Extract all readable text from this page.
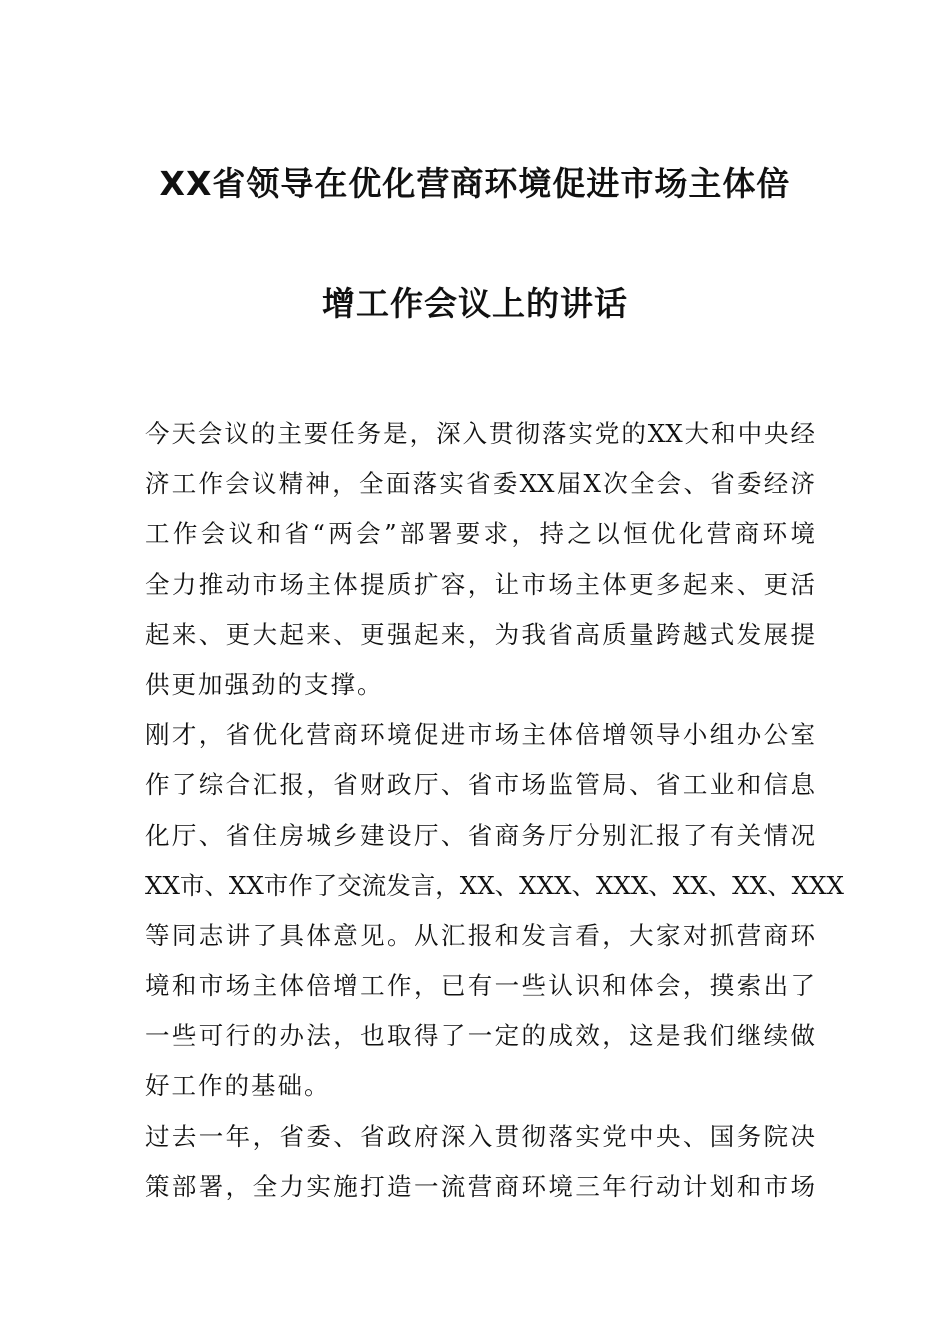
XX省领导在优化营商环境促进市场主体倍
增工作会议上的讲话
今天会议的主要任务是，深入贯彻落实党的XX大和中央经
济工作会议精神，全面落实省委XX届X次全会、省委经济
工作会议和省“两会”部署要求，持之以恒优化营商环境
全力推动市场主体提质扩容，让市场主体更多起来、更活
起来、更大起来、更强起来，为我省高质量跨越式发展提
供更加强劲的支撑。
刚才，省优化营商环境促进市场主体倍增领导小组办公室
作了综合汇报，省财政厅、省市场监管局、省工业和信息
化厅、省住房城乡建设厅、省商务厅分别汇报了有关情况
XX市、XX市作了交流发言，XX、XXX、XXX、XX、XX、XXX
等同志讲了具体意见。从汇报和发言看，大家对抓营商环
境和市场主体倍增工作，已有一些认识和体会，摸索出了
一些可行的办法，也取得了一定的成效，这是我们继续做
好工作的基础。
过去一年，省委、省政府深入贯彻落实党中央、国务院决
策部署，全力实施打造一流营商环境三年行动计划和市场
